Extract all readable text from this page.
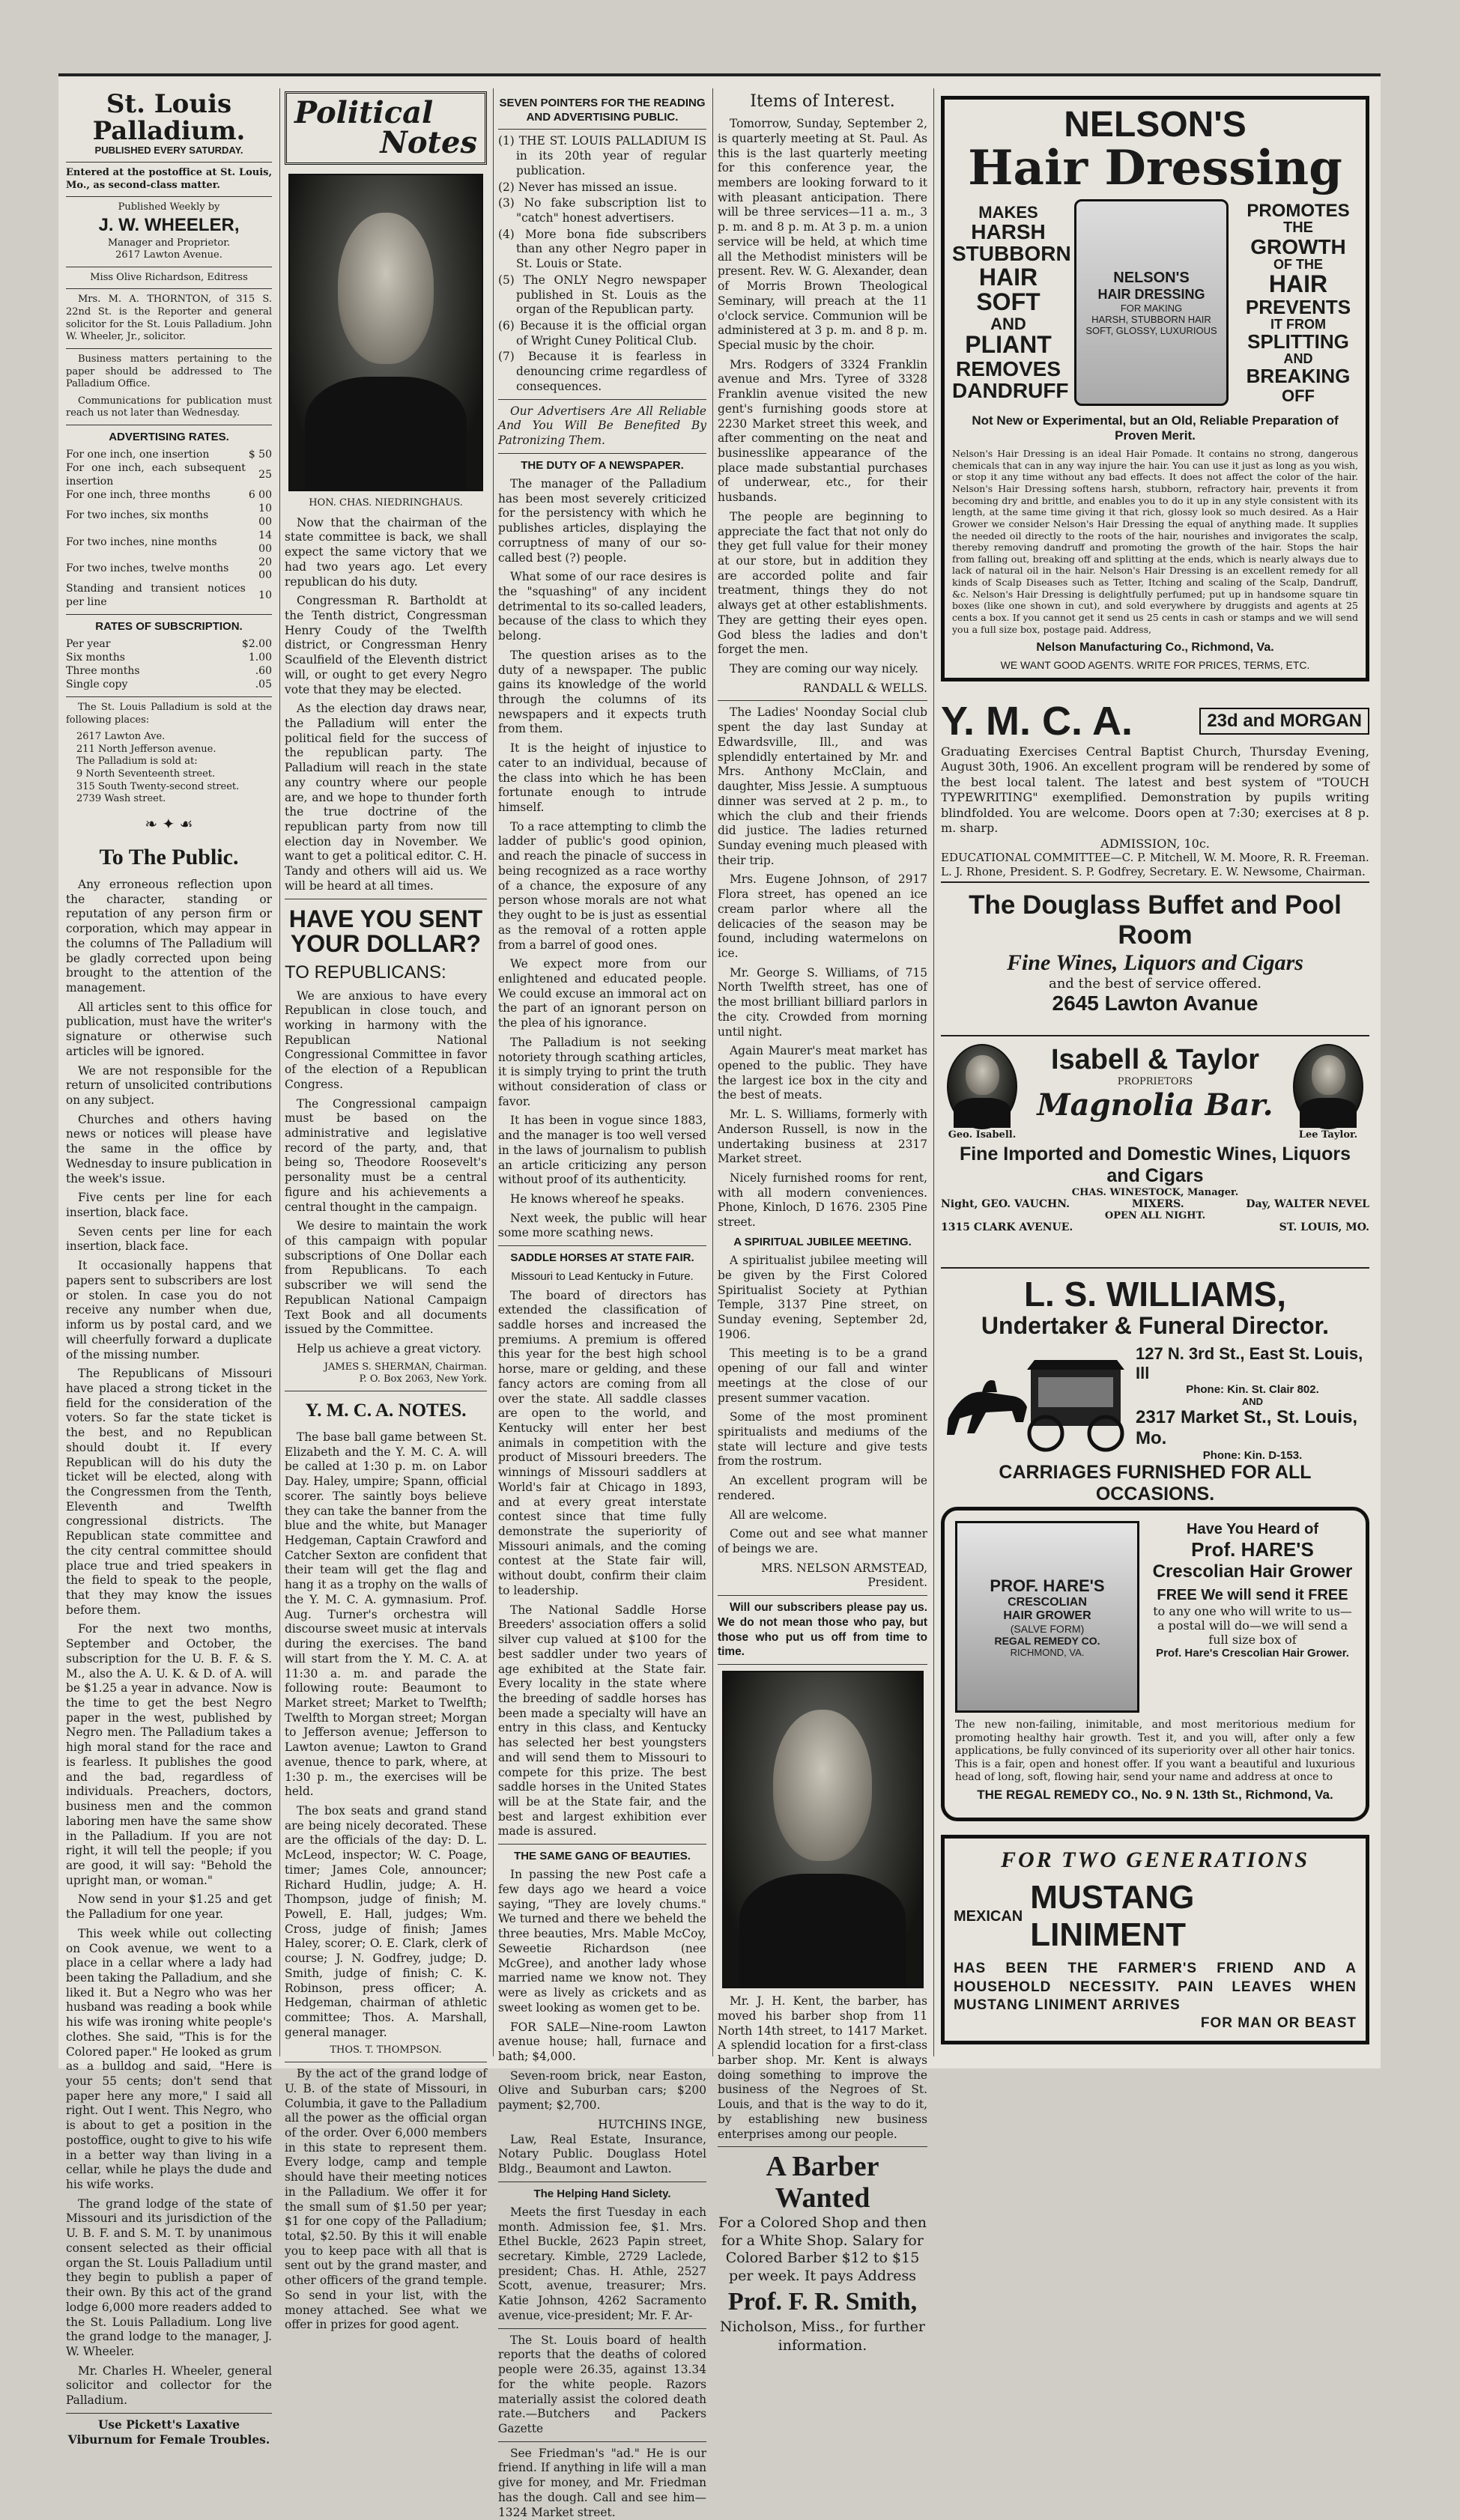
St. Louis Palladium.
PUBLISHED EVERY SATURDAY.

Entered at the postoffice at St. Louis, Mo., as second-class matter.

Published Weekly by
J. W. WHEELER,
Manager and Proprietor.
2617 Lawton Avenue.
Miss Olive Richardson, Editress

Mrs. M. A. THORNTON, of 315 S. 22nd St. is the Reporter and general solicitor for the St. Louis Palladium. John W. Wheeler, Jr., solicitor.

Business matters pertaining to the paper should be addressed to The Palladium Office.

Communications for publication must reach us not later than Wednesday.

ADVERTISING RATES.
For one inch, one insertion	$ 50
For one inch, each subsequent insertion	25
For one inch, three months	6 00
For two inches, six months	10 00
For two inches, nine months	14 00
For two inches, twelve months	20 00
Standing and transient notices per line	10
RATES OF SUBSCRIPTION.
Per year	$2.00
Six months	1.00
Three months	.60
Single copy	.05

The St. Louis Palladium is sold at the following places:

2617 Lawton Ave.
211 North Jefferson avenue.
The Palladium is sold at:
9 North Seventeenth street.
315 South Twenty-second street.
2739 Wash street.
❧ ✦ ☙
To The Public.

Any erroneous reflection upon the character, standing or reputation of any person firm or corporation, which may appear in the columns of The Palladium will be gladly corrected upon being brought to the attention of the management.

All articles sent to this office for publication, must have the writer's signature or otherwise such articles will be ignored.

We are not responsible for the return of unsolicited contributions on any subject.

Churches and others having news or notices will please have the same in the office by Wednesday to insure publication in the week's issue.

Five cents per line for each insertion, black face.

Seven cents per line for each insertion, black face.

It occasionally happens that papers sent to subscribers are lost or stolen. In case you do not receive any number when due, inform us by postal card, and we will cheerfully forward a duplicate of the missing number.

The Republicans of Missouri have placed a strong ticket in the field for the consideration of the voters. So far the state ticket is the best, and no Republican should doubt it. If every Republican will do his duty the ticket will be elected, along with the Congressmen from the Tenth, Eleventh and Twelfth congressional districts. The Republican state committee and the city central committee should place true and tried speakers in the field to speak to the people, that they may know the issues before them.

For the next two months, September and October, the subscription for the U. B. F. & S. M., also the A. U. K. & D. of A. will be $1.25 a year in advance. Now is the time to get the best Negro paper in the west, published by Negro men. The Palladium takes a high moral stand for the race and is fearless. It publishes the good and the bad, regardless of individuals. Preachers, doctors, business men and the common laboring men have the same show in the Palladium. If you are not right, it will tell the people; if you are good, it will say: "Behold the upright man, or woman."

Now send in your $1.25 and get the Palladium for one year.

This week while out collecting on Cook avenue, we went to a place in a cellar where a lady had been taking the Palladium, and she liked it. But a Negro who was her husband was reading a book while his wife was ironing white people's clothes. She said, "This is for the Colored paper." He looked as grum as a bulldog and said, "Here is your 55 cents; don't send that paper here any more," I said all right. Out I went. This Negro, who is about to get a position in the postoffice, ought to give to his wife in a better way than living in a cellar, while he plays the dude and his wife works.

The grand lodge of the state of Missouri and its jurisdiction of the U. B. F. and S. M. T. by unanimous consent selected as their official organ the St. Louis Palladium until they begin to publish a paper of their own. By this act of the grand lodge 6,000 more readers added to the St. Louis Palladium. Long live the grand lodge to the manager, J. W. Wheeler.

Mr. Charles H. Wheeler, general solicitor and collector for the Palladium.

Use Pickett's Laxative Viburnum for Female Troubles.
Political
Notes
HON. CHAS. NIEDRINGHAUS.

Now that the chairman of the state committee is back, we shall expect the same victory that we had two years ago. Let every republican do his duty.

Congressman R. Bartholdt at the Tenth district, Congressman Henry Coudy of the Twelfth district, or Congressman Henry Scaulfield of the Eleventh district will, or ought to get every Negro vote that they may be elected.

As the election day draws near, the Palladium will enter the political field for the success of the republican party. The Palladium will reach in the state any country where our people are, and we hope to thunder forth the true doctrine of the republican party from now till election day in November. We want to get a political editor. C. H. Tandy and others will aid us. We will be heard at all times.

HAVE YOU SENT
YOUR DOLLAR?
TO REPUBLICANS:

We are anxious to have every Republican in close touch, and working in harmony with the Republican National Congressional Committee in favor of the election of a Republican Congress.

The Congressional campaign must be based on the administrative and legislative record of the party, and, that being so, Theodore Roosevelt's personality must be a central figure and his achievements a central thought in the campaign.

We desire to maintain the work of this campaign with popular subscriptions of One Dollar each from Republicans. To each subscriber we will send the Republican National Campaign Text Book and all documents issued by the Committee.

Help us achieve a great victory.

JAMES S. SHERMAN, Chairman.
P. O. Box 2063, New York.
Y. M. C. A. NOTES.

The base ball game between St. Elizabeth and the Y. M. C. A. will be called at 1:30 p. m. on Labor Day. Haley, umpire; Spann, official scorer. The saintly boys believe they can take the banner from the blue and the white, but Manager Hedgeman, Captain Crawford and Catcher Sexton are confident that their team will get the flag and hang it as a trophy on the walls of the Y. M. C. A. gymnasium. Prof. Aug. Turner's orchestra will discourse sweet music at intervals during the exercises. The band will start from the Y. M. C. A. at 11:30 a. m. and parade the following route: Beaumont to Market street; Market to Twelfth; Twelfth to Morgan street; Morgan to Jefferson avenue; Jefferson to Lawton avenue; Lawton to Grand avenue, thence to park, where, at 1:30 p. m., the exercises will be held.

The box seats and grand stand are being nicely decorated. These are the officials of the day: D. L. McLeod, inspector; W. C. Poage, timer; James Cole, announcer; Richard Hudlin, judge; A. H. Thompson, judge of finish; M. Powell, E. Hall, judges; Wm. Cross, judge of finish; James Haley, scorer; O. E. Clark, clerk of course; J. N. Godfrey, judge; D. Smith, judge of finish; C. K. Robinson, press officer; A. Hedgeman, chairman of athletic committee; Thos. A. Marshall, general manager.

THOS. T. THOMPSON.

By the act of the grand lodge of U. B. of the state of Missouri, in Columbia, it gave to the Palladium all the power as the official organ of the order. Over 6,000 members in this state to represent them. Every lodge, camp and temple should have their meeting notices in the Palladium. We offer it for the small sum of $1.50 per year; $1 for one copy of the Palladium; total, $2.50. By this it will enable you to keep pace with all that is sent out by the grand master, and other officers of the grand temple. So send in your list, with the money attached. See what we offer in prizes for good agent.

SEVEN POINTERS FOR THE READING AND ADVERTISING PUBLIC.
(1) THE ST. LOUIS PALLADIUM IS in its 20th year of regular publication.
(2) Never has missed an issue.
(3) No fake subscription list to "catch" honest advertisers.
(4) More bona fide subscribers than any other Negro paper in St. Louis or State.
(5) The ONLY Negro newspaper published in St. Louis as the organ of the Republican party.
(6) Because it is the official organ of Wright Cuney Political Club.
(7) Because it is fearless in denouncing crime regardless of consequences.

Our Advertisers Are All Reliable And You Will Be Benefited By Patronizing Them.

THE DUTY OF A NEWSPAPER.

The manager of the Palladium has been most severely criticized for the persistency with which he publishes articles, displaying the corruptness of many of our so-called best (?) people.

What some of our race desires is the "squashing" of any incident detrimental to its so-called leaders, because of the class to which they belong.

The question arises as to the duty of a newspaper. The public gains its knowledge of the world through the columns of its newspapers and it expects truth from them.

It is the height of injustice to cater to an individual, because of the class into which he has been fortunate enough to intrude himself.

To a race attempting to climb the ladder of public's good opinion, and reach the pinacle of success in being recognized as a race worthy of a chance, the exposure of any person whose morals are not what they ought to be is just as essential as the removal of a rotten apple from a barrel of good ones.

We expect more from our enlightened and educated people. We could excuse an immoral act on the part of an ignorant person on the plea of his ignorance.

The Palladium is not seeking notoriety through scathing articles, it is simply trying to print the truth without consideration of class or favor.

It has been in vogue since 1883, and the manager is too well versed in the laws of journalism to publish an article criticizing any person without proof of its authenticity.

He knows whereof he speaks.

Next week, the public will hear some more scathing news.

SADDLE HORSES AT STATE FAIR.
Missouri to Lead Kentucky in Future.

The board of directors has extended the classification of saddle horses and increased the premiums. A premium is offered this year for the best high school horse, mare or gelding, and these fancy actors are coming from all over the state. All saddle classes are open to the world, and Kentucky will enter her best animals in competition with the product of Missouri breeders. The winnings of Missouri saddlers at World's fair at Chicago in 1893, and at every great interstate contest since that time fully demonstrate the superiority of Missouri animals, and the coming contest at the State fair will, without doubt, confirm their claim to leadership.

The National Saddle Horse Breeders' association offers a solid silver cup valued at $100 for the best saddler under two years of age exhibited at the State fair. Every locality in the state where the breeding of saddle horses has been made a specialty will have an entry in this class, and Kentucky has selected her best youngsters and will send them to Missouri to compete for this prize. The best saddle horses in the United States will be at the State fair, and the best and largest exhibition ever made is assured.

THE SAME GANG OF BEAUTIES.

In passing the new Post cafe a few days ago we heard a voice saying, "They are lovely chums." We turned and there we beheld the three beauties, Mrs. Mable McCoy, Seweetie Richardson (nee McGree), and another lady whose married name we know not. They were as lively as crickets and as sweet looking as women get to be.

FOR SALE—Nine-room Lawton avenue house; hall, furnace and bath; $4,000.

Seven-room brick, near Easton, Olive and Suburban cars; $200 payment; $2,700.

HUTCHINS INGE,

Law, Real Estate, Insurance, Notary Public. Douglass Hotel Bldg., Beaumont and Lawton.

The Helping Hand Siclety.

Meets the first Tuesday in each month. Admission fee, $1. Mrs. Ethel Buckle, 2623 Papin street, secretary. Kimble, 2729 Laclede, president; Chas. H. Athle, 2527 Scott, avenue, treasurer; Mrs. Katie Johnson, 4262 Sacramento avenue, vice-president; Mr. F. Ar-

The St. Louis board of health reports that the deaths of colored people were 26.35, against 13.34 for the white people. Razors materially assist the colored death rate.—Butchers and Packers Gazette

See Friedman's "ad." He is our friend. If anything in life will a man give for money, and Mr. Friedman has the dough. Call and see him—1324 Market street.

Items of Interest.

Tomorrow, Sunday, September 2, is quarterly meeting at St. Paul. As this is the last quarterly meeting for this conference year, the members are looking forward to it with pleasant anticipation. There will be three services—11 a. m., 3 p. m. and 8 p. m. At 3 p. m. a union service will be held, at which time all the Methodist ministers will be present. Rev. W. G. Alexander, dean of Morris Brown Theological Seminary, will preach at the 11 o'clock service. Communion will be administered at 3 p. m. and 8 p. m. Special music by the choir.

Mrs. Rodgers of 3324 Franklin avenue and Mrs. Tyree of 3328 Franklin avenue visited the new gent's furnishing goods store at 2230 Market street this week, and after commenting on the neat and businesslike appearance of the place made substantial purchases of underwear, etc., for their husbands.

The people are beginning to appreciate the fact that not only do they get full value for their money at our store, but in addition they are accorded polite and fair treatment, things they do not always get at other establishments. They are getting their eyes open. God bless the ladies and don't forget the men.

They are coming our way nicely.

RANDALL & WELLS.

The Ladies' Noonday Social club spent the day last Sunday at Edwardsville, Ill., and was splendidly entertained by Mr. and Mrs. Anthony McClain, and daughter, Miss Jessie. A sumptuous dinner was served at 2 p. m., to which the club and their friends did justice. The ladies returned Sunday evening much pleased with their trip.

Mrs. Eugene Johnson, of 2917 Flora street, has opened an ice cream parlor where all the delicacies of the season may be found, including watermelons on ice.

Mr. George S. Williams, of 715 North Twelfth street, has one of the most brilliant billiard parlors in the city. Crowded from morning until night.

Again Maurer's meat market has opened to the public. They have the largest ice box in the city and the best of meats.

Mr. L. S. Williams, formerly with Anderson Russell, is now in the undertaking business at 2317 Market street.

Nicely furnished rooms for rent, with all modern conveniences. Phone, Kinloch, D 1676. 2305 Pine street.

A SPIRITUAL JUBILEE MEETING.

A spiritualist jubilee meeting will be given by the First Colored Spiritualist Society at Pythian Temple, 3137 Pine street, on Sunday evening, September 2d, 1906.

This meeting is to be a grand opening of our fall and winter meetings at the close of our present summer vacation.

Some of the most prominent spiritualists and mediums of the state will lecture and give tests from the rostrum.

An excellent program will be rendered.

All are welcome.

Come out and see what manner of beings we are.

MRS. NELSON ARMSTEAD,
President.

Will our subscribers please pay us. We do not mean those who pay, but those who put us off from time to time.

Mr. J. H. Kent, the barber, has moved his barber shop from 11 North 14th street, to 1417 Market. A splendid location for a first-class barber shop. Mr. Kent is always doing something to improve the business of the Negroes of St. Louis, and that is the way to do it, by establishing new business enterprises among our people.

A Barber Wanted
For a Colored Shop and then for a White Shop. Salary for Colored Barber $12 to $15 per week. It pays Address
Prof. F. R. Smith,
Nicholson, Miss., for further information.
NELSON'S
Hair Dressing
MAKES
HARSH
STUBBORN
HAIR
SOFT
AND
PLIANT
REMOVES
DANDRUFF
NELSON'S
HAIR DRESSING
FOR MAKING
HARSH, STUBBORN HAIR
SOFT, GLOSSY, LUXURIOUS
PROMOTES
THE
GROWTH
OF THE
HAIR
PREVENTS
IT FROM
SPLITTING
AND
BREAKING
OFF
Not New or Experimental, but an Old, Reliable Preparation of Proven Merit.
Nelson's Hair Dressing is an ideal Hair Pomade. It contains no strong, dangerous chemicals that can in any way injure the hair. You can use it just as long as you wish, or stop it any time without any bad effects. It does not affect the color of the hair. Nelson's Hair Dressing softens harsh, stubborn, refractory hair, prevents it from becoming dry and brittle, and enables you to do it up in any style consistent with its length, at the same time giving it that rich, glossy look so much desired. As a Hair Grower we consider Nelson's Hair Dressing the equal of anything made. It supplies the needed oil directly to the roots of the hair, nourishes and invigorates the scalp, thereby removing dandruff and promoting the growth of the hair. Stops the hair from falling out, breaking off and splitting at the ends, which is nearly always due to lack of natural oil in the hair. Nelson's Hair Dressing is an excellent remedy for all kinds of Scalp Diseases such as Tetter, Itching and scaling of the Scalp, Dandruff, &c. Nelson's Hair Dressing is delightfully perfumed; put up in handsome square tin boxes (like one shown in cut), and sold everywhere by druggists and agents at 25 cents a box. If you cannot get it send us 25 cents in cash or stamps and we will send you a full size box, postage paid. Address,
Nelson Manufacturing Co., Richmond, Va.
WE WANT GOOD AGENTS. WRITE FOR PRICES, TERMS, ETC.
Y. M. C. A.	23d and MORGAN
Graduating Exercises Central Baptist Church, Thursday Evening, August 30th, 1906. An excellent program will be rendered by some of the best local talent. The latest and best system of "TOUCH TYPEWRITING" exemplified. Demonstration by pupils writing blindfolded. You are welcome. Doors open at 7:30; exercises at 8 p. m. sharp.
ADMISSION, 10c.
EDUCATIONAL COMMITTEE—C. P. Mitchell, W. M. Moore, R. R. Freeman. L. J. Rhone, President. S. P. Godfrey, Secretary. E. W. Newsome, Chairman.
The Douglass Buffet and Pool Room
Fine Wines, Liquors and Cigars
and the best of service offered.
2645 Lawton Avanue
Geo. Isabell.
Isabell & Taylor
PROPRIETORS
Magnolia Bar.
Lee Taylor.
Fine Imported and Domestic Wines, Liquors and Cigars
CHAS. WINESTOCK, Manager.
Night, GEO. VAUCHN.	MIXERS.	Day, WALTER NEVEL
OPEN ALL NIGHT.
1315 CLARK AVENUE.	ST. LOUIS, MO.
L. S. WILLIAMS,
Undertaker & Funeral Director.
127 N. 3rd St., East St. Louis, Ill
Phone: Kin. St. Clair 802.
AND
2317 Market St., St. Louis, Mo.
Phone: Kin. D-153.
CARRIAGES FURNISHED FOR ALL OCCASIONS.
PROF. HARE'S
CRESCOLIAN
HAIR GROWER
(SALVE FORM)
REGAL REMEDY CO.
RICHMOND, VA.
Have You Heard of
Prof. HARE'S
Crescolian Hair Grower
FREE We will send it FREE
to any one who will write to us—a postal will do—we will send a full size box of
Prof. Hare's Crescolian Hair Grower.
The new non-failing, inimitable, and most meritorious medium for promoting healthy hair growth. Test it, and you will, after only a few applications, be fully convinced of its superiority over all other hair tonics. This is a fair, open and honest offer. If you want a beautiful and luxurious head of long, soft, flowing hair, send your name and address at once to
THE REGAL REMEDY CO., No. 9 N. 13th St., Richmond, Va.
FOR TWO GENERATIONS
MEXICAN
MUSTANG LINIMENT
HAS BEEN THE FARMER'S FRIEND AND A HOUSEHOLD NECESSITY. PAIN LEAVES WHEN MUSTANG LINIMENT ARRIVES
FOR MAN OR BEAST
